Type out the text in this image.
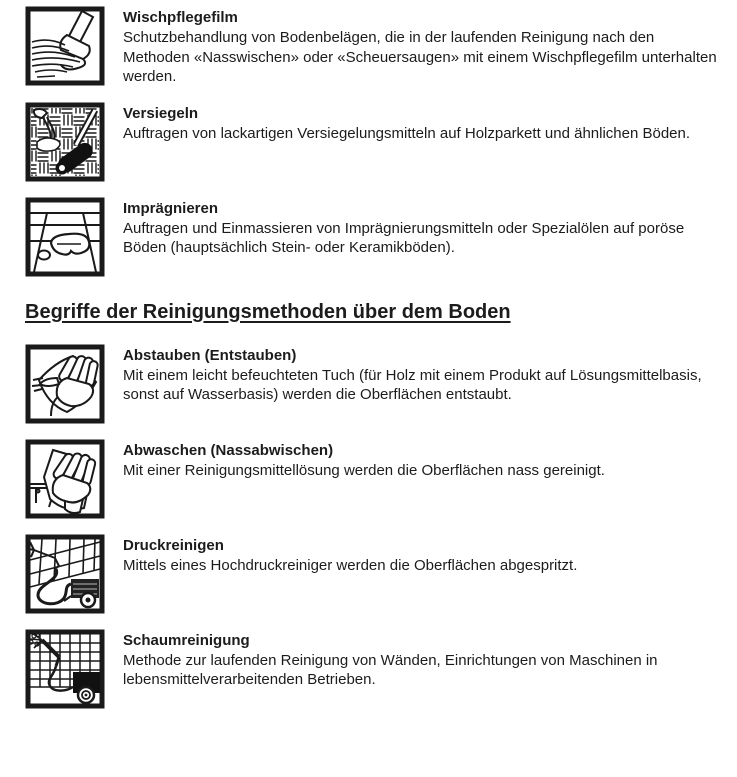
Wischpflegefilm
Schutzbehandlung von Bodenbelägen, die in der laufenden Reinigung nach den Methoden «Nasswischen» oder «Scheuersaugen» mit einem Wischpflegefilm unterhalten werden.
Versiegeln
Auftragen von lackartigen Versiegelungsmitteln auf Holzparkett und ähnlichen Böden.
Imprägnieren
Auftragen und Einmassieren von Imprägnierungsmitteln oder Spezialölen auf poröse Böden (hauptsächlich Stein- oder Keramikböden).
Begriffe der Reinigungsmethoden über dem Boden
Abstauben (Entstauben)
Mit einem leicht befeuchteten Tuch (für Holz mit einem Produkt auf Lösungsmittelbasis, sonst auf Wasserbasis) werden die Oberflächen entstaubt.
Abwaschen (Nassabwischen)
Mit einer Reinigungsmittellösung werden die Oberflächen nass gereinigt.
Druckreinigen
Mittels eines Hochdruckreiniger werden die Oberflächen abgespritzt.
Schaumreinigung
Methode zur laufenden Reinigung von Wänden, Einrichtungen von Maschinen in lebensmittelverarbeitenden Betrieben.
